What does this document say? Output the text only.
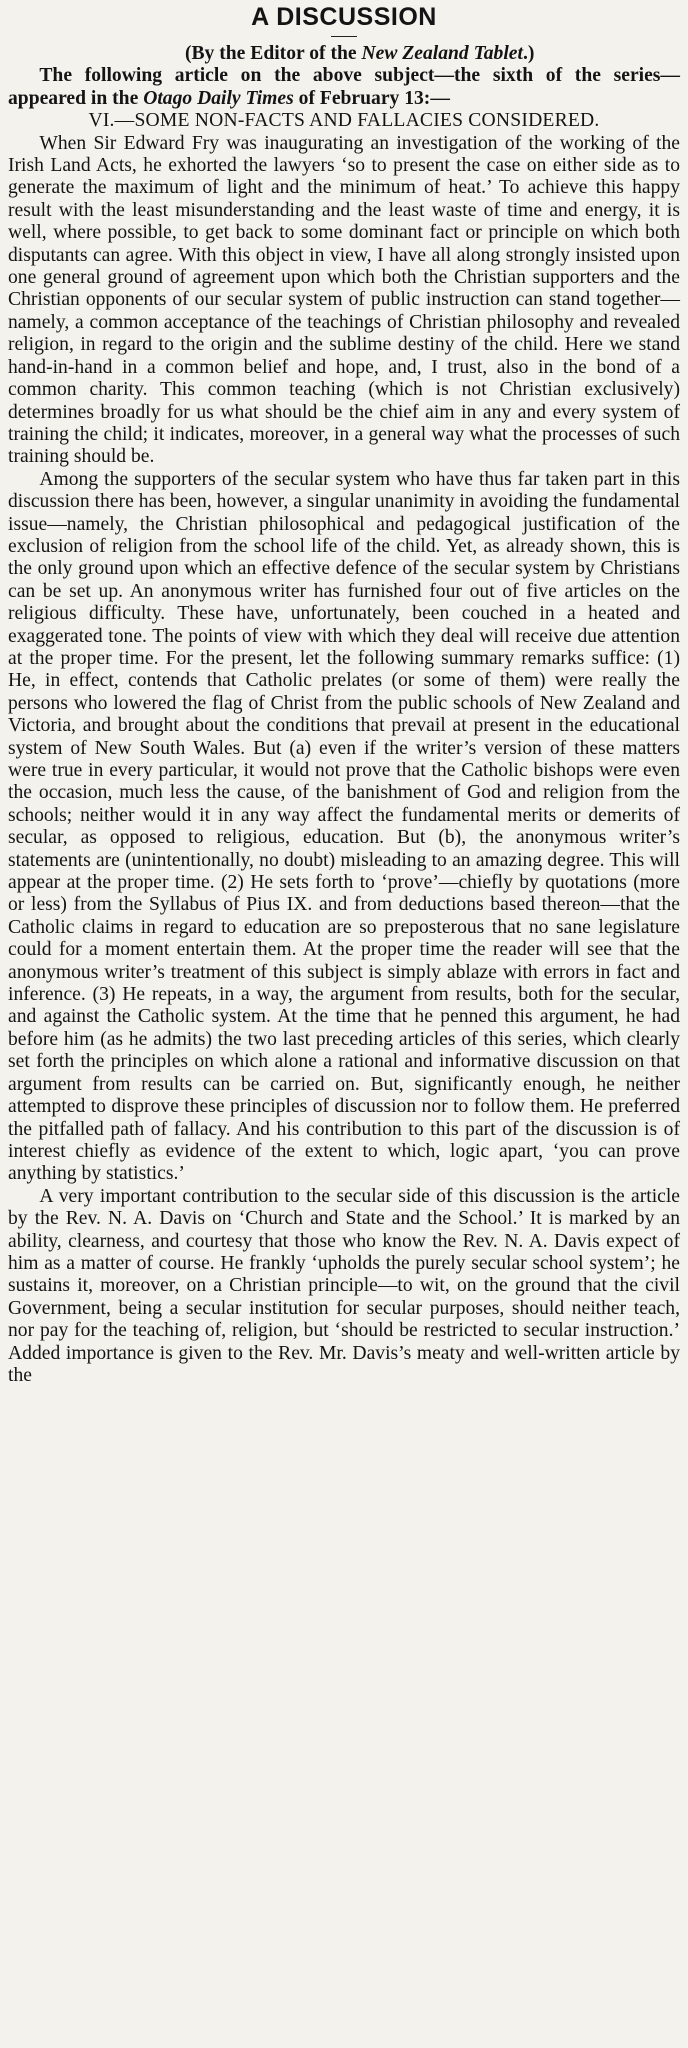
A DISCUSSION

(By the Editor of the New Zealand Tablet.)

The following article on the above subject—the sixth of the series—appeared in the Otago Daily Times of February 13:—

VI.—SOME NON-FACTS AND FALLACIES CONSIDERED.

When Sir Edward Fry was inaugurating an investigation of the working of the Irish Land Acts, he exhorted the lawyers ‘so to present the case on either side as to generate the maximum of light and the minimum of heat.’ To achieve this happy result with the least misunderstanding and the least waste of time and energy, it is well, where possible, to get back to some dominant fact or principle on which both disputants can agree. With this object in view, I have all along strongly insisted upon one general ground of agreement upon which both the Christian supporters and the Christian opponents of our secular system of public instruction can stand together—namely, a common acceptance of the teachings of Christian philosophy and revealed religion, in regard to the origin and the sublime destiny of the child. Here we stand hand-in-hand in a common belief and hope, and, I trust, also in the bond of a common charity. This common teaching (which is not Christian exclusively) determines broadly for us what should be the chief aim in any and every system of training the child; it indicates, moreover, in a general way what the processes of such training should be.

Among the supporters of the secular system who have thus far taken part in this discussion there has been, however, a singular unanimity in avoiding the fundamental issue—namely, the Christian philosophical and pedagogical justification of the exclusion of religion from the school life of the child. Yet, as already shown, this is the only ground upon which an effective defence of the secular system by Christians can be set up. An anonymous writer has furnished four out of five articles on the religious difficulty. These have, unfortunately, been couched in a heated and exaggerated tone. The points of view with which they deal will receive due attention at the proper time. For the present, let the following summary remarks suffice: (1) He, in effect, contends that Catholic prelates (or some of them) were really the persons who lowered the flag of Christ from the public schools of New Zealand and Victoria, and brought about the conditions that prevail at present in the educational system of New South Wales. But (a) even if the writer’s version of these matters were true in every particular, it would not prove that the Catholic bishops were even the occasion, much less the cause, of the banishment of God and religion from the schools; neither would it in any way affect the fundamental merits or demerits of secular, as opposed to religious, education. But (b), the anonymous writer’s statements are (unintentionally, no doubt) misleading to an amazing degree. This will appear at the proper time. (2) He sets forth to ‘prove’—chiefly by quotations (more or less) from the Syllabus of Pius IX. and from deductions based thereon—that the Catholic claims in regard to education are so preposterous that no sane legislature could for a moment entertain them. At the proper time the reader will see that the anonymous writer’s treatment of this subject is simply ablaze with errors in fact and inference. (3) He repeats, in a way, the argument from results, both for the secular, and against the Catholic system. At the time that he penned this argument, he had before him (as he admits) the two last preceding articles of this series, which clearly set forth the principles on which alone a rational and informative discussion on that argument from results can be carried on. But, significantly enough, he neither attempted to disprove these principles of discussion nor to follow them. He preferred the pitfalled path of fallacy. And his contribution to this part of the discussion is of interest chiefly as evidence of the extent to which, logic apart, ‘you can prove anything by statistics.’

A very important contribution to the secular side of this discussion is the article by the Rev. N. A. Davis on ‘Church and State and the School.’ It is marked by an ability, clearness, and courtesy that those who know the Rev. N. A. Davis expect of him as a matter of course. He frankly ‘upholds the purely secular school system’; he sustains it, moreover, on a Christian principle—to wit, on the ground that the civil Government, being a secular institution for secular purposes, should neither teach, nor pay for the teaching of, religion, but ‘should be restricted to secular instruction.’ Added importance is given to the Rev. Mr. Davis’s meaty and well-written article by the
